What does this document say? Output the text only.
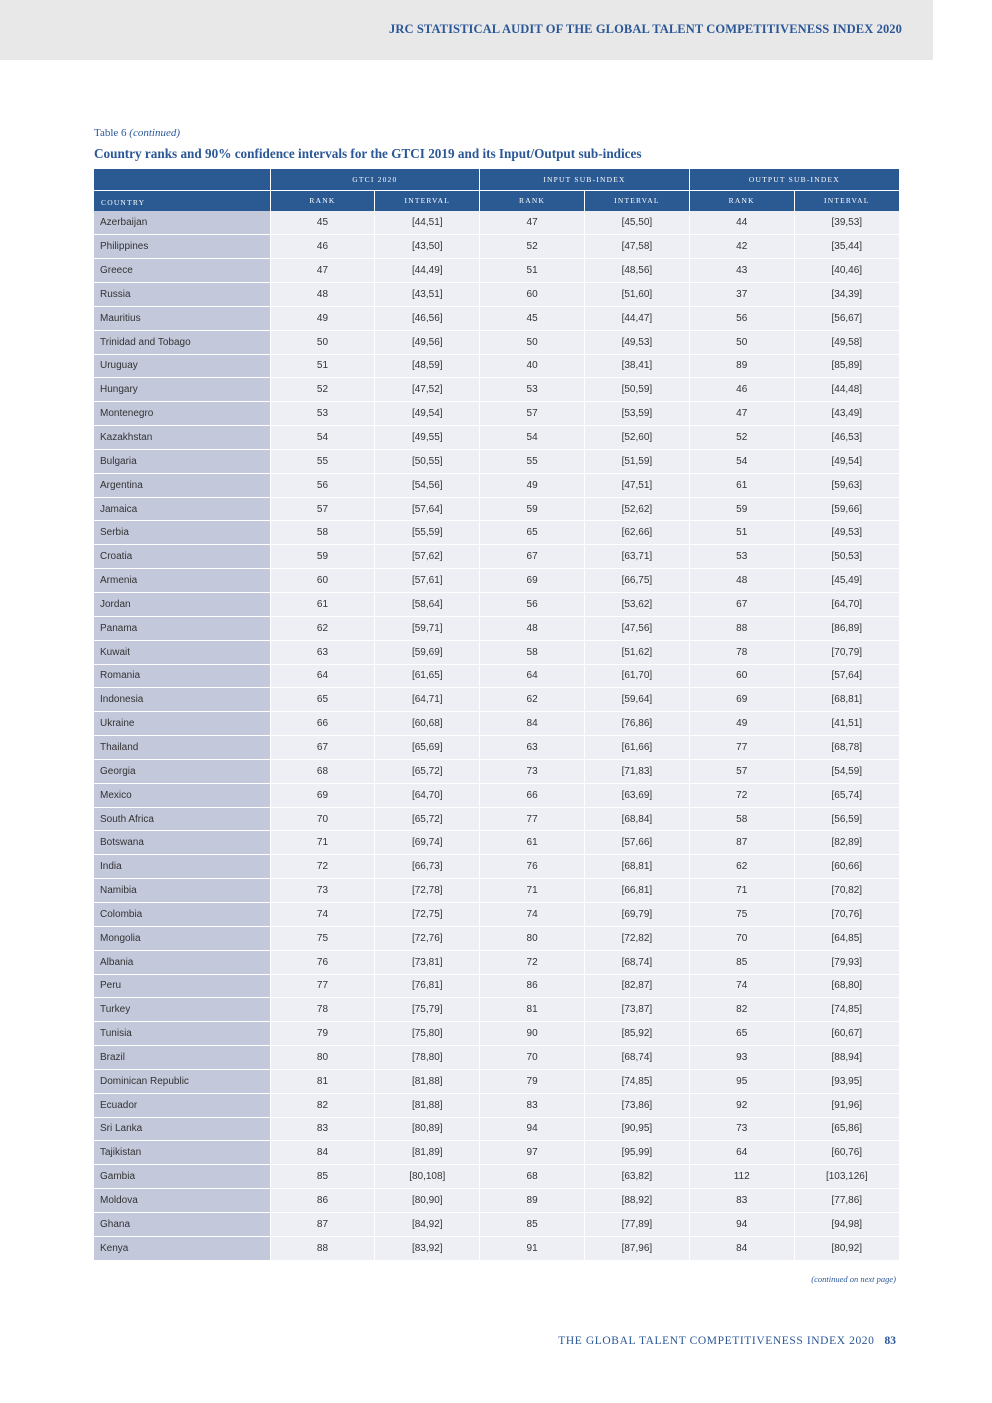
JRC STATISTICAL AUDIT OF THE GLOBAL TALENT COMPETITIVENESS INDEX 2020
Table 6 (continued)
Country ranks and 90% confidence intervals for the GTCI 2019 and its Input/Output sub-indices
	GTCI 2020		INPUT SUB-INDEX		OUTPUT SUB-INDEX	
COUNTRY	RANK	INTERVAL	RANK	INTERVAL	RANK	INTERVAL
Azerbaijan	45	[44,51]	47	[45,50]	44	[39,53]
Philippines	46	[43,50]	52	[47,58]	42	[35,44]
Greece	47	[44,49]	51	[48,56]	43	[40,46]
Russia	48	[43,51]	60	[51,60]	37	[34,39]
Mauritius	49	[46,56]	45	[44,47]	56	[56,67]
Trinidad and Tobago	50	[49,56]	50	[49,53]	50	[49,58]
Uruguay	51	[48,59]	40	[38,41]	89	[85,89]
Hungary	52	[47,52]	53	[50,59]	46	[44,48]
Montenegro	53	[49,54]	57	[53,59]	47	[43,49]
Kazakhstan	54	[49,55]	54	[52,60]	52	[46,53]
Bulgaria	55	[50,55]	55	[51,59]	54	[49,54]
Argentina	56	[54,56]	49	[47,51]	61	[59,63]
Jamaica	57	[57,64]	59	[52,62]	59	[59,66]
Serbia	58	[55,59]	65	[62,66]	51	[49,53]
Croatia	59	[57,62]	67	[63,71]	53	[50,53]
Armenia	60	[57,61]	69	[66,75]	48	[45,49]
Jordan	61	[58,64]	56	[53,62]	67	[64,70]
Panama	62	[59,71]	48	[47,56]	88	[86,89]
Kuwait	63	[59,69]	58	[51,62]	78	[70,79]
Romania	64	[61,65]	64	[61,70]	60	[57,64]
Indonesia	65	[64,71]	62	[59,64]	69	[68,81]
Ukraine	66	[60,68]	84	[76,86]	49	[41,51]
Thailand	67	[65,69]	63	[61,66]	77	[68,78]
Georgia	68	[65,72]	73	[71,83]	57	[54,59]
Mexico	69	[64,70]	66	[63,69]	72	[65,74]
South Africa	70	[65,72]	77	[68,84]	58	[56,59]
Botswana	71	[69,74]	61	[57,66]	87	[82,89]
India	72	[66,73]	76	[68,81]	62	[60,66]
Namibia	73	[72,78]	71	[66,81]	71	[70,82]
Colombia	74	[72,75]	74	[69,79]	75	[70,76]
Mongolia	75	[72,76]	80	[72,82]	70	[64,85]
Albania	76	[73,81]	72	[68,74]	85	[79,93]
Peru	77	[76,81]	86	[82,87]	74	[68,80]
Turkey	78	[75,79]	81	[73,87]	82	[74,85]
Tunisia	79	[75,80]	90	[85,92]	65	[60,67]
Brazil	80	[78,80]	70	[68,74]	93	[88,94]
Dominican Republic	81	[81,88]	79	[74,85]	95	[93,95]
Ecuador	82	[81,88]	83	[73,86]	92	[91,96]
Sri Lanka	83	[80,89]	94	[90,95]	73	[65,86]
Tajikistan	84	[81,89]	97	[95,99]	64	[60,76]
Gambia	85	[80,108]	68	[63,82]	112	[103,126]
Moldova	86	[80,90]	89	[88,92]	83	[77,86]
Ghana	87	[84,92]	85	[77,89]	94	[94,98]
Kenya	88	[83,92]	91	[87,96]	84	[80,92]
(continued on next page)
THE GLOBAL TALENT COMPETITIVENESS INDEX 2020 83
